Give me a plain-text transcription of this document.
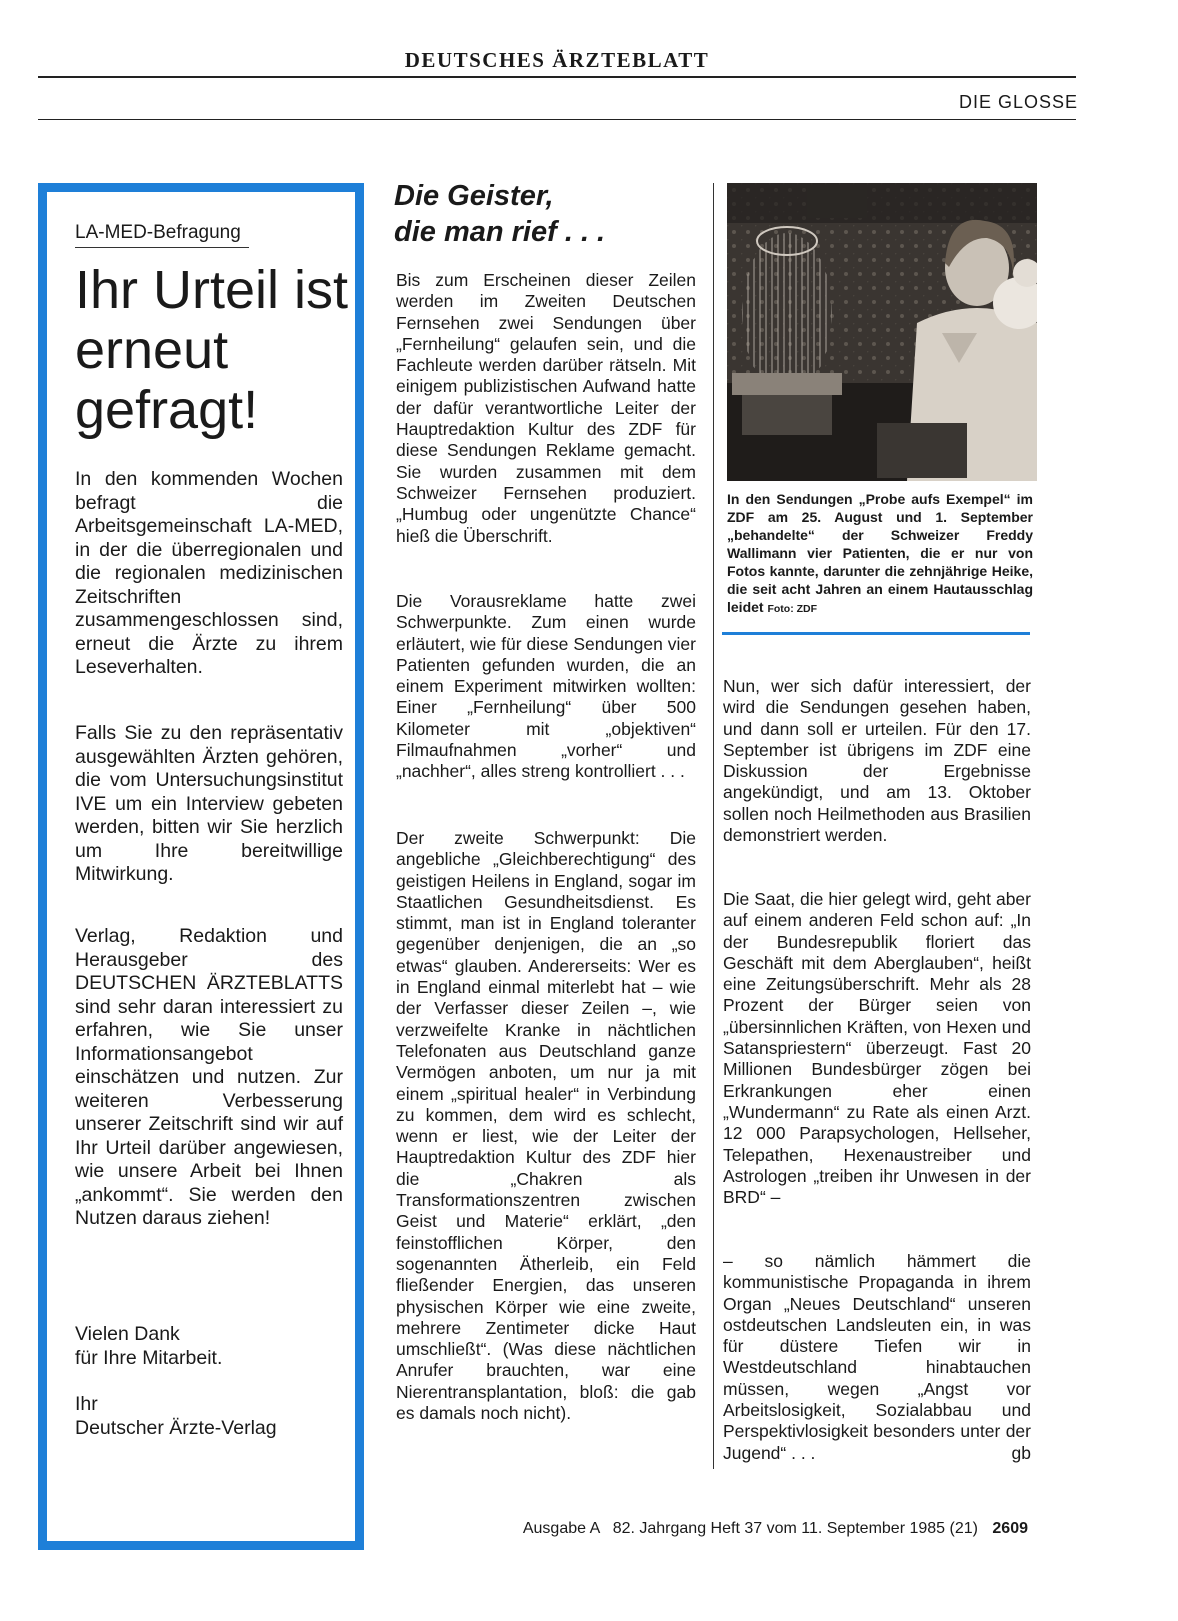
DEUTSCHES ÄRZTEBLATT
DIE GLOSSE
LA-MED-Befragung
Ihr Urteil ist erneut gefragt!

In den kommenden Wochen befragt die Arbeitsgemeinschaft LA-MED, in der die überregionalen und die regionalen medizinischen Zeitschriften zusammengeschlossen sind, erneut die Ärzte zu ihrem Leseverhalten.

Falls Sie zu den repräsentativ ausgewählten Ärzten gehören, die vom Untersuchungsinstitut IVE um ein Interview gebeten werden, bitten wir Sie herzlich um Ihre bereitwillige Mitwirkung.

Verlag, Redaktion und Herausgeber des DEUTSCHEN ÄRZTEBLATTS sind sehr daran interessiert zu erfahren, wie Sie unser Informationsangebot einschätzen und nutzen. Zur weiteren Verbesserung unserer Zeitschrift sind wir auf Ihr Urteil darüber angewiesen, wie unsere Arbeit bei Ihnen „ankommt“. Sie werden den Nutzen daraus ziehen!

Vielen Dank
für Ihre Mitarbeit.

Ihr
Deutscher Ärzte-Verlag

Die Geister,
die man rief . . .

Bis zum Erscheinen dieser Zeilen werden im Zweiten Deutschen Fernsehen zwei Sendungen über „Fernheilung“ gelaufen sein, und die Fachleute werden darüber rätseln. Mit einigem publizistischen Aufwand hatte der dafür verantwortliche Leiter der Hauptredaktion Kultur des ZDF für diese Sendungen Reklame gemacht. Sie wurden zusammen mit dem Schweizer Fernsehen produziert. „Humbug oder ungenützte Chance“ hieß die Überschrift.

Die Vorausreklame hatte zwei Schwerpunkte. Zum einen wurde erläutert, wie für diese Sendungen vier Patienten gefunden wurden, die an einem Experiment mitwirken wollten: Einer „Fernheilung“ über 500 Kilometer mit „objektiven“ Filmaufnahmen „vorher“ und „nachher“, alles streng kontrolliert . . .

Der zweite Schwerpunkt: Die angebliche „Gleichberechtigung“ des geistigen Heilens in England, sogar im Staatlichen Gesundheitsdienst. Es stimmt, man ist in England toleranter gegenüber denjenigen, die an „so etwas“ glauben. Andererseits: Wer es in England einmal miterlebt hat – wie der Verfasser dieser Zeilen –, wie verzweifelte Kranke in nächtlichen Telefonaten aus Deutschland ganze Vermögen anboten, um nur ja mit einem „spiritual healer“ in Verbindung zu kommen, dem wird es schlecht, wenn er liest, wie der Leiter der Hauptredaktion Kultur des ZDF hier die „Chakren als Transformationszentren zwischen Geist und Materie“ erklärt, „den feinstofflichen Körper, den sogenannten Ätherleib, ein Feld fließender Energien, das unseren physischen Körper wie eine zweite, mehrere Zentimeter dicke Haut umschließt“. (Was diese nächtlichen Anrufer brauchten, war eine Nierentransplantation, bloß: die gab es damals noch nicht).

In den Sendungen „Probe aufs Exempel“ im ZDF am 25. August und 1. September „behandelte“ der Schweizer Freddy Wallimann vier Patienten, die er nur von Fotos kannte, darunter die zehnjährige Heike, die seit acht Jahren an einem Hautausschlag leidet Foto: ZDF

Nun, wer sich dafür interessiert, der wird die Sendungen gesehen haben, und dann soll er urteilen. Für den 17. September ist übrigens im ZDF eine Diskussion der Ergebnisse angekündigt, und am 13. Oktober sollen noch Heilmethoden aus Brasilien demonstriert werden.

Die Saat, die hier gelegt wird, geht aber auf einem anderen Feld schon auf: „In der Bundesrepublik floriert das Geschäft mit dem Aberglauben“, heißt eine Zeitungsüberschrift. Mehr als 28 Prozent der Bürger seien von „übersinnlichen Kräften, von Hexen und Satanspriestern“ überzeugt. Fast 20 Millionen Bundesbürger zögen bei Erkrankungen eher einen „Wundermann“ zu Rate als einen Arzt. 12 000 Parapsychologen, Hellseher, Telepathen, Hexenaustreiber und Astrologen „treiben ihr Unwesen in der BRD“ –

– so nämlich hämmert die kommunistische Propaganda in ihrem Organ „Neues Deutschland“ unseren ostdeutschen Landsleuten ein, in was für düstere Tiefen wir in Westdeutschland hinabtauchen müssen, wegen „Angst vor Arbeitslosigkeit, Sozialabbau und Perspektivlosigkeit besonders unter der Jugend“ . . .	gb

Ausgabe A   82. Jahrgang Heft 37 vom 11. September 1985 (21) 2609
